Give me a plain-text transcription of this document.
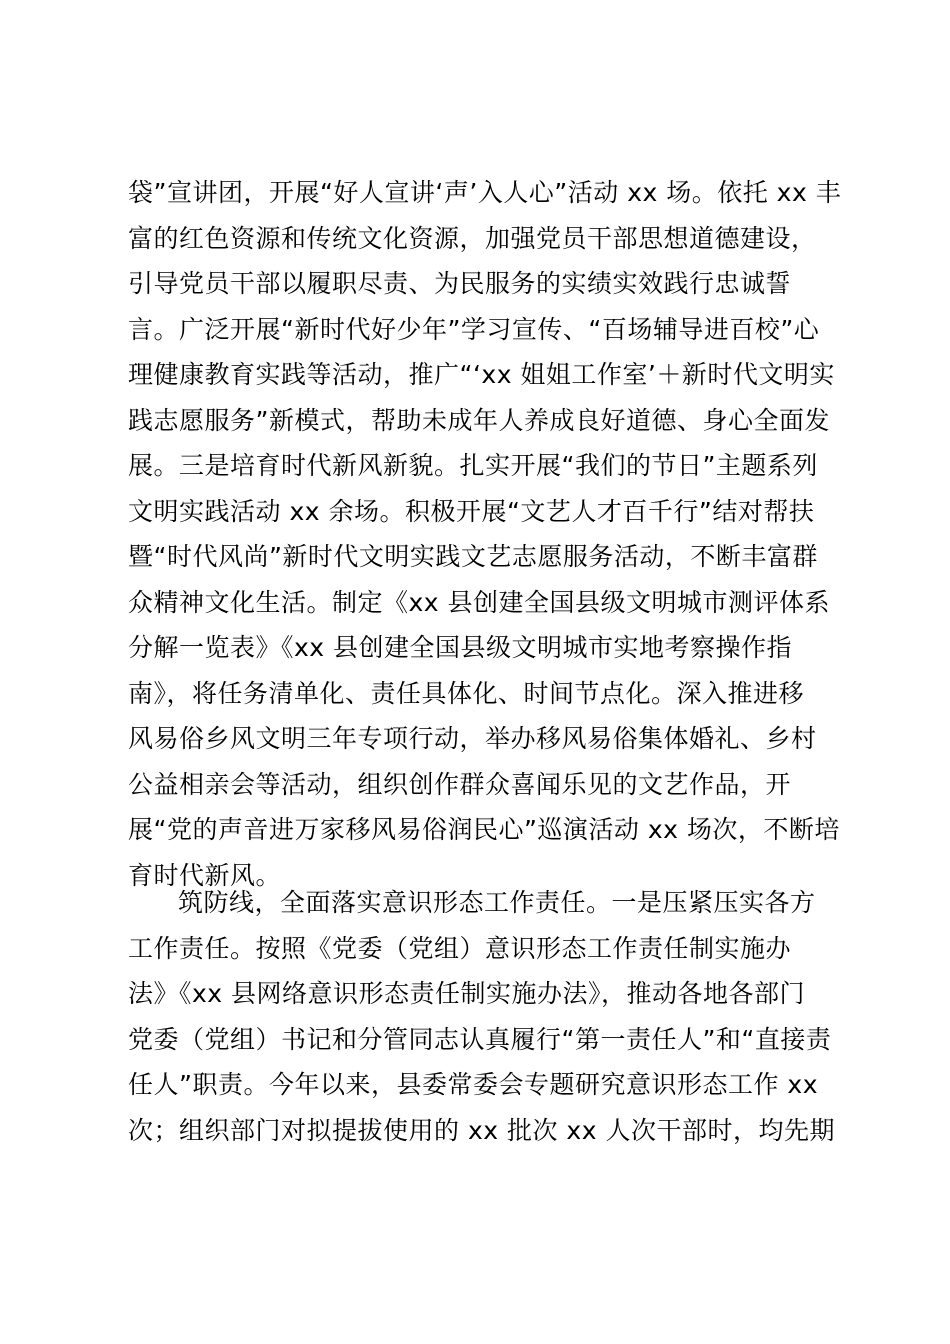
袋”宣讲团，开展“好人宣讲‘声’入人心”活动 xx 场。依托 xx 丰
富的红色资源和传统文化资源，加强党员干部思想道德建设，
引导党员干部以履职尽责、为民服务的实绩实效践行忠诚誓
言。广泛开展“新时代好少年”学习宣传、“百场辅导进百校”心
理健康教育实践等活动，推广“‘xx 姐姐工作室’＋新时代文明实
践志愿服务”新模式，帮助未成年人养成良好道德、身心全面发
展。三是培育时代新风新貌。扎实开展“我们的节日”主题系列
文明实践活动 xx 余场。积极开展“文艺人才百千行”结对帮扶
暨“时代风尚”新时代文明实践文艺志愿服务活动，不断丰富群
众精神文化生活。制定《xx 县创建全国县级文明城市测评体系
分解一览表》《xx 县创建全国县级文明城市实地考察操作指
南》，将任务清单化、责任具体化、时间节点化。深入推进移
风易俗乡风文明三年专项行动，举办移风易俗集体婚礼、乡村
公益相亲会等活动，组织创作群众喜闻乐见的文艺作品，开
展“党的声音进万家移风易俗润民心”巡演活动 xx 场次，不断培
育时代新风。
筑防线，全面落实意识形态工作责任。一是压紧压实各方
工作责任。按照《党委（党组）意识形态工作责任制实施办
法》《xx 县网络意识形态责任制实施办法》，推动各地各部门
党委（党组）书记和分管同志认真履行“第一责任人”和“直接责
任人”职责。今年以来，县委常委会专题研究意识形态工作 xx
次；组织部门对拟提拔使用的 xx 批次 xx 人次干部时，均先期
